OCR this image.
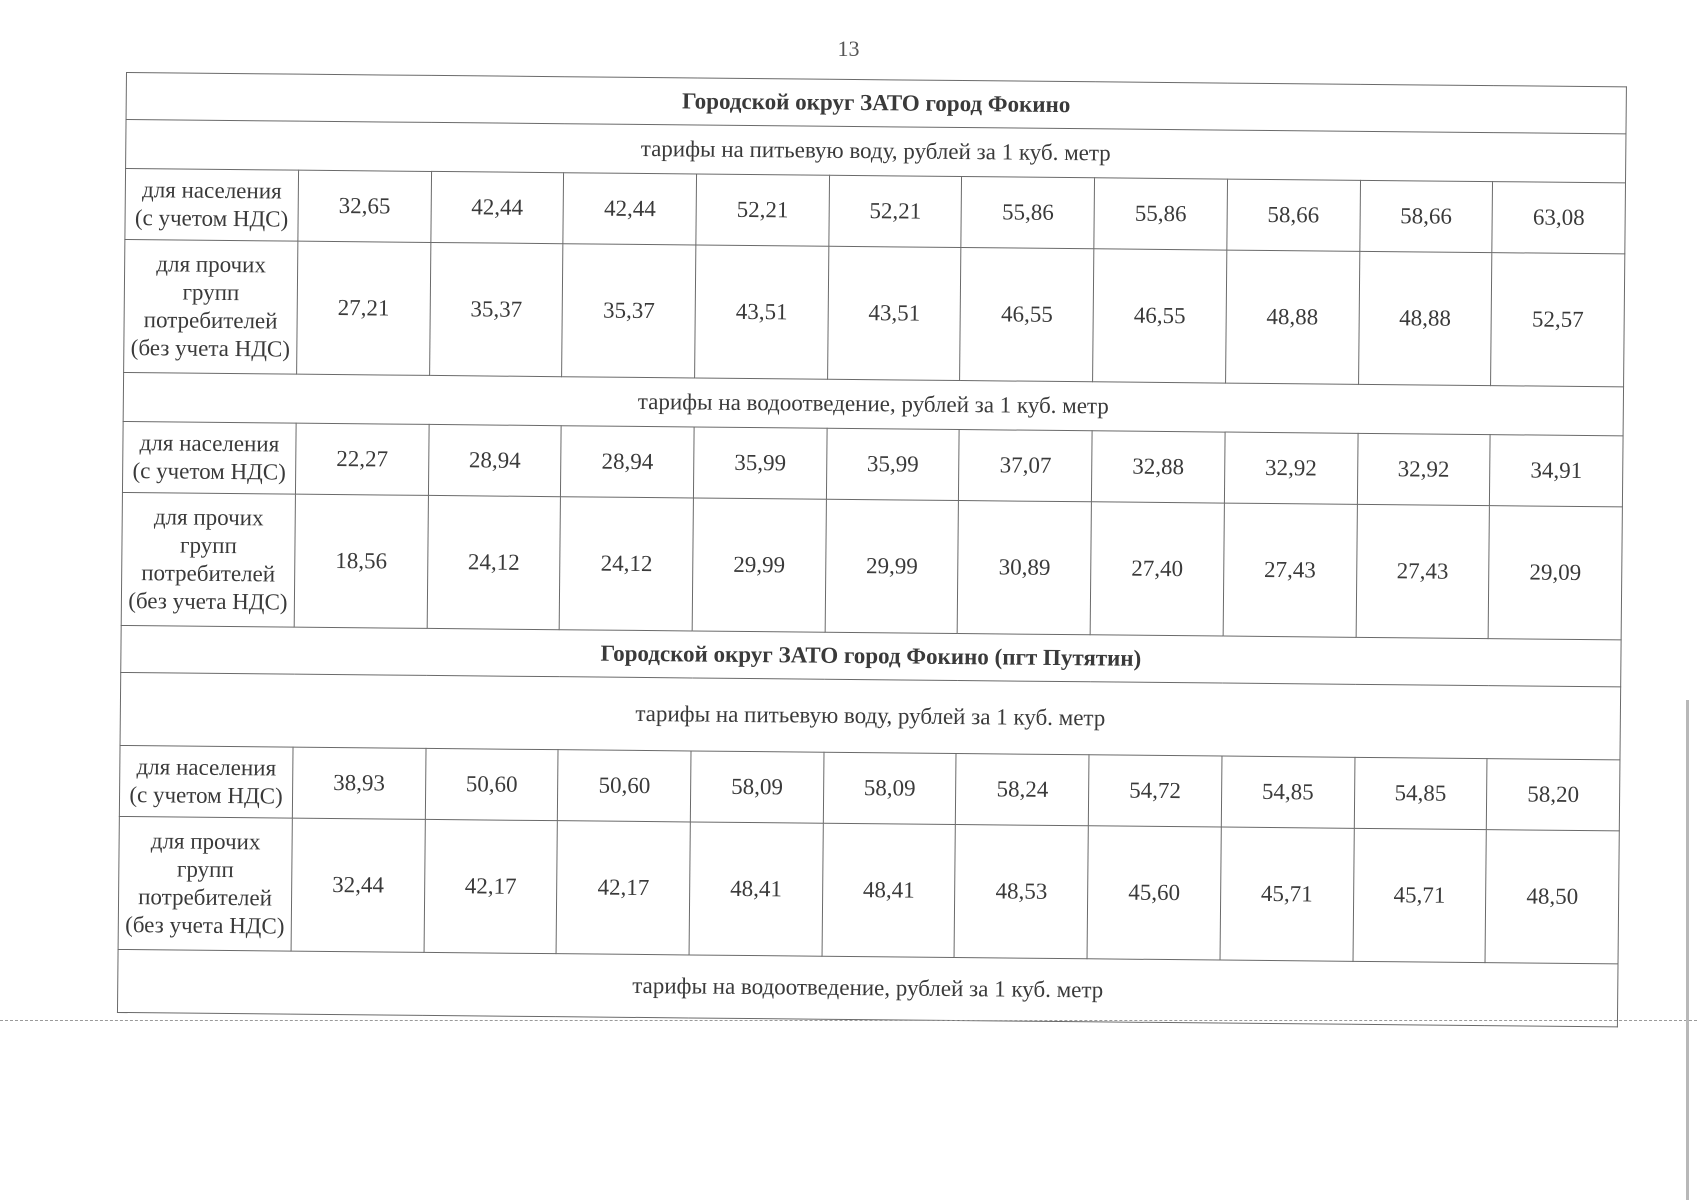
13
Городской округ ЗАТО город Фокино										
тарифы на питьевую воду, рублей за 1 куб. метр										

для населения
(с учетом НДС)	32,65	42,44	42,44	52,21	52,21	55,86	55,86	58,66	58,66	63,08

для прочих
групп
потребителей
(без учета НДС)	27,21	35,37	35,37	43,51	43,51	46,55	46,55	48,88	48,88	52,57
тарифы на водоотведение, рублей за 1 куб. метр										

для населения
(с учетом НДС)	22,27	28,94	28,94	35,99	35,99	37,07	32,88	32,92	32,92	34,91

для прочих
групп
потребителей
(без учета НДС)	18,56	24,12	24,12	29,99	29,99	30,89	27,40	27,43	27,43	29,09
Городской округ ЗАТО город Фокино (пгт Путятин)										
тарифы на питьевую воду, рублей за 1 куб. метр										

для населения
(с учетом НДС)	38,93	50,60	50,60	58,09	58,09	58,24	54,72	54,85	54,85	58,20

для прочих
групп
потребителей
(без учета НДС)	32,44	42,17	42,17	48,41	48,41	48,53	45,60	45,71	45,71	48,50
тарифы на водоотведение, рублей за 1 куб. метр										
